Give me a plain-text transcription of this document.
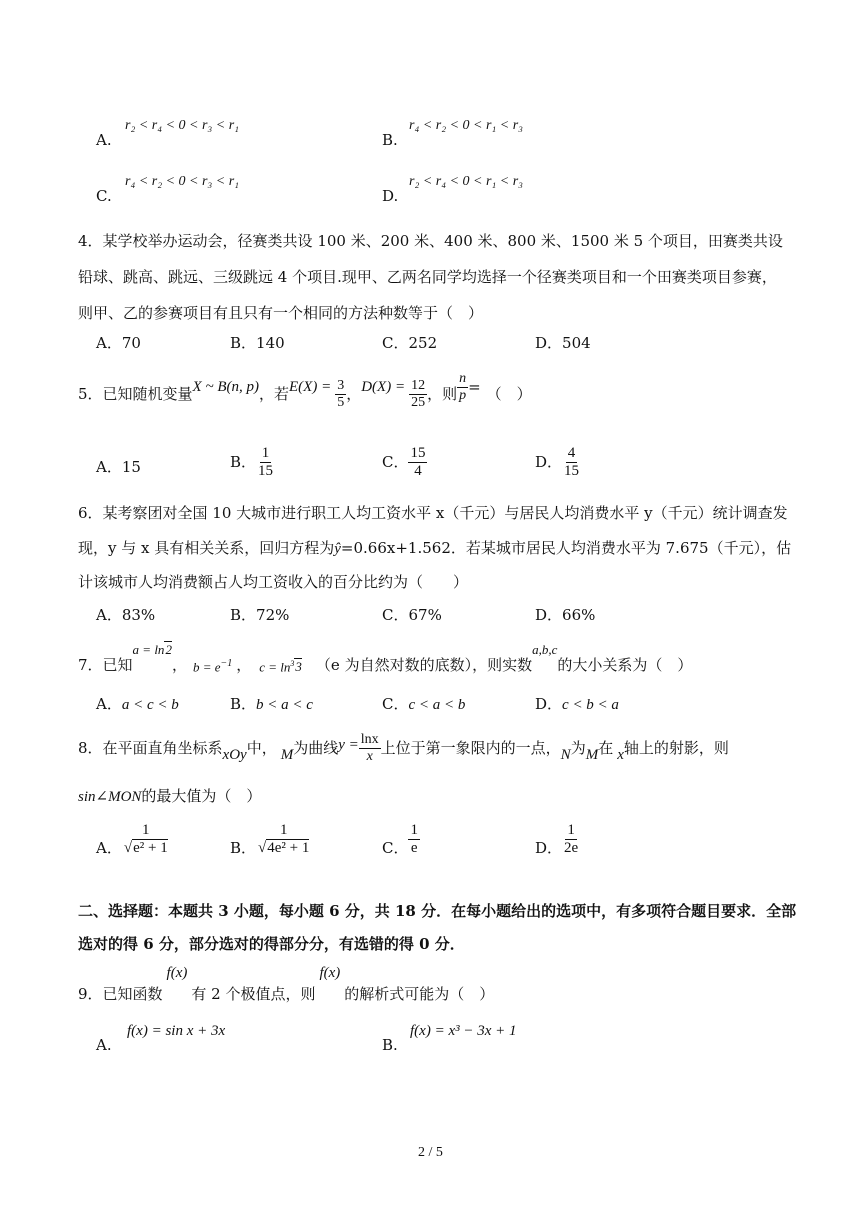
A.
r₂ < r₄ < 0 < r₃ < r₁
B.
r₄ < r₂ < 0 < r₁ < r₃
C.
r₄ < r₂ < 0 < r₃ < r₁
D.
r₂ < r₄ < 0 < r₁ < r₃
4．某学校举办运动会，径赛类共设 100 米、200 米、400 米、800 米、1500 米 5 个项目，田赛类共设铅球、跳高、跳远、三级跳远 4 个项目.现甲、乙两名同学均选择一个径赛类项目和一个田赛类项目参赛，则甲、乙的参赛项目有且只有一个相同的方法种数等于（　）
A．70	B．140	C．252	D．504
5．已知随机变量 X ~ B(n, p) ，若 $E(X) = \frac{3}{5}$ ， $D(X) = \frac{12}{25}$ ，则 $\frac{n}{p}$ = （　）
A．15	B． $\frac{1}{15}$	C． $\frac{15}{4}$	D． $\frac{4}{15}$
6．某考察团对全国 10 大城市进行职工人均工资水平 x（千元）与居民人均消费水平 y（千元）统计调查发
现，y 与 x 具有相关关系，回归方程为ŷ=0.66x+1.562．若某城市居民人均消费水平为 7.675（千元），估
计该城市人均消费额占人均工资收入的百分比约为（　　）
A．83%	B．72%	C．67%	D．66%
7．已知
a = ln2
， $b = e^{-1}$ ， $c = \ln^33$ （e 为自然对数的底数），则实数
a,b,c
的大小关系为（　）
A．a < c < b	B．b < a < c	C．c < a < b	D．c < b < a
8．在平面直角坐标系 xOy 中， M 为曲线 $y = \frac{\ln x}{x}$ 上位于第一象限内的一点， N 为 M 在 x 轴上的射影，则
sin∠MON的最大值为（　）
A． $\frac{1}{\text{√e² + 1}}$	B． $\frac{1}{\text{√4e² + 1}}$	C． $\frac{1}{e}$	D． $\frac{1}{2e}$
二、选择题：本题共 3 小题，每小题 6 分，共 18 分．在每小题给出的选项中，有多项符合题目要求．全部
选对的得 6 分，部分选对的得部分分，有选错的得 0 分．
9．已知函数
f(x)
有 2 个极值点，则
f(x)
的解析式可能为（　）
A.
f(x) = sin x + 3x
B.
f(x) = x³ − 3x + 1
2 / 5
